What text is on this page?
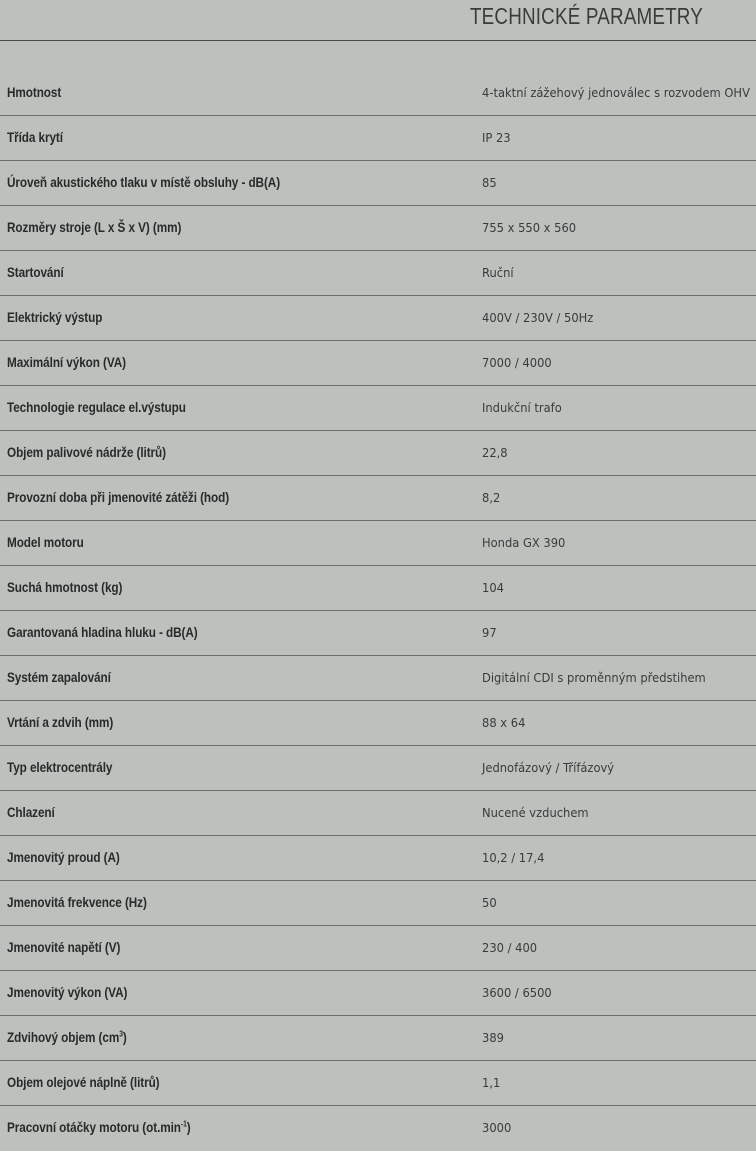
TECHNICKÉ PARAMETRY
Hmotnost	4-taktní zážehový jednoválec s rozvodem OHV
Třída krytí	IP 23
Úroveň akustického tlaku v místě obsluhy - dB(A)	85
Rozměry stroje (L x Š x V) (mm)	755 x 550 x 560
Startování	Ruční
Elektrický výstup	400V / 230V / 50Hz
Maximální výkon (VA)	7000 / 4000
Technologie regulace el.výstupu	Indukční trafo
Objem palivové nádrže (litrů)	22,8
Provozní doba při jmenovité zátěži (hod)	8,2
Model motoru	Honda GX 390
Suchá hmotnost (kg)	104
Garantovaná hladina hluku - dB(A)	97
Systém zapalování	Digitální CDI s proměnným předstihem
Vrtání a zdvih (mm)	88 x 64
Typ elektrocentrály	Jednofázový / Třífázový
Chlazení	Nucené vzduchem
Jmenovitý proud (A)	10,2 / 17,4
Jmenovitá frekvence (Hz)	50
Jmenovité napětí (V)	230 / 400
Jmenovitý výkon (VA)	3600 / 6500
Zdvihový objem $(cm^3)$	389
Objem olejové náplně (litrů)	1,1
Pracovní otáčky motoru $(ot.\min^{-1})$	3000
